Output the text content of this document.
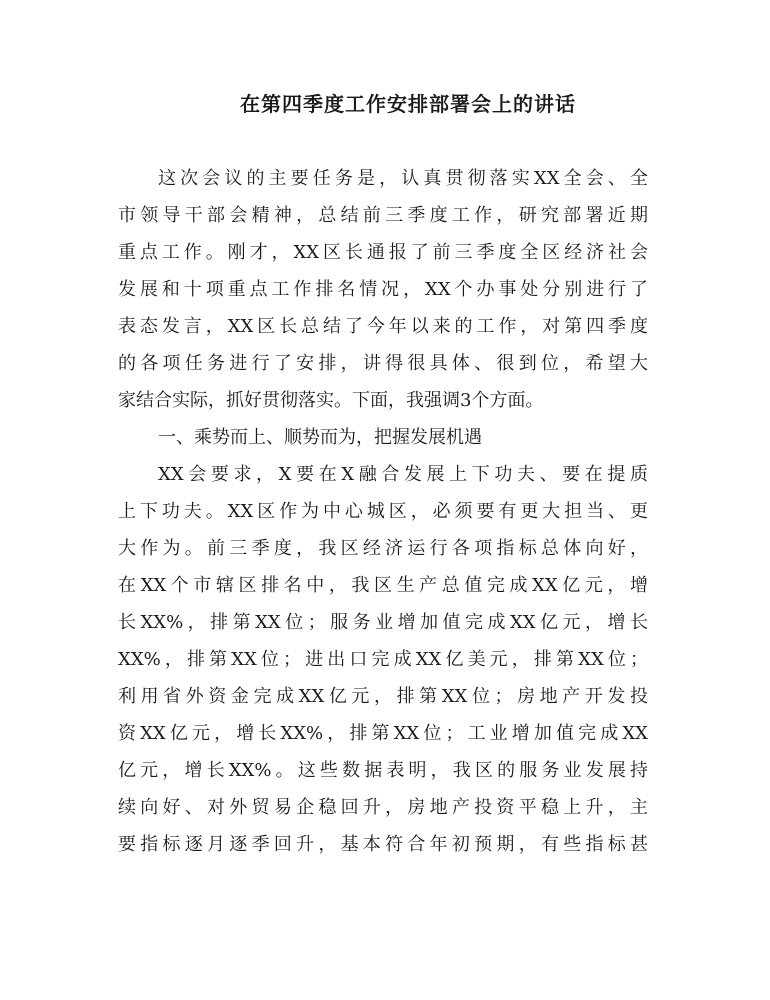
在第四季度工作安排部署会上的讲话

这次会议的主要任务是，认真贯彻落实XX全会、全

市领导干部会精神，总结前三季度工作，研究部署近期

重点工作。刚才，XX区长通报了前三季度全区经济社会

发展和十项重点工作排名情况，XX个办事处分别进行了

表态发言，XX区长总结了今年以来的工作，对第四季度

的各项任务进行了安排，讲得很具体、很到位，希望大

家结合实际，抓好贯彻落实。下面，我强调3个方面。

一、乘势而上、顺势而为，把握发展机遇

XX会要求，X要在X融合发展上下功夫、要在提质

上下功夫。XX区作为中心城区，必须要有更大担当、更

大作为。前三季度，我区经济运行各项指标总体向好，

在XX个市辖区排名中，我区生产总值完成XX亿元，增

长XX%，排第XX位；服务业增加值完成XX亿元，增长

XX%，排第XX位；进出口完成XX亿美元，排第XX位；

利用省外资金完成XX亿元，排第XX位；房地产开发投

资XX亿元，增长XX%，排第XX位；工业增加值完成XX

亿元，增长XX%。这些数据表明，我区的服务业发展持

续向好、对外贸易企稳回升，房地产投资平稳上升，主

要指标逐月逐季回升，基本符合年初预期，有些指标甚
